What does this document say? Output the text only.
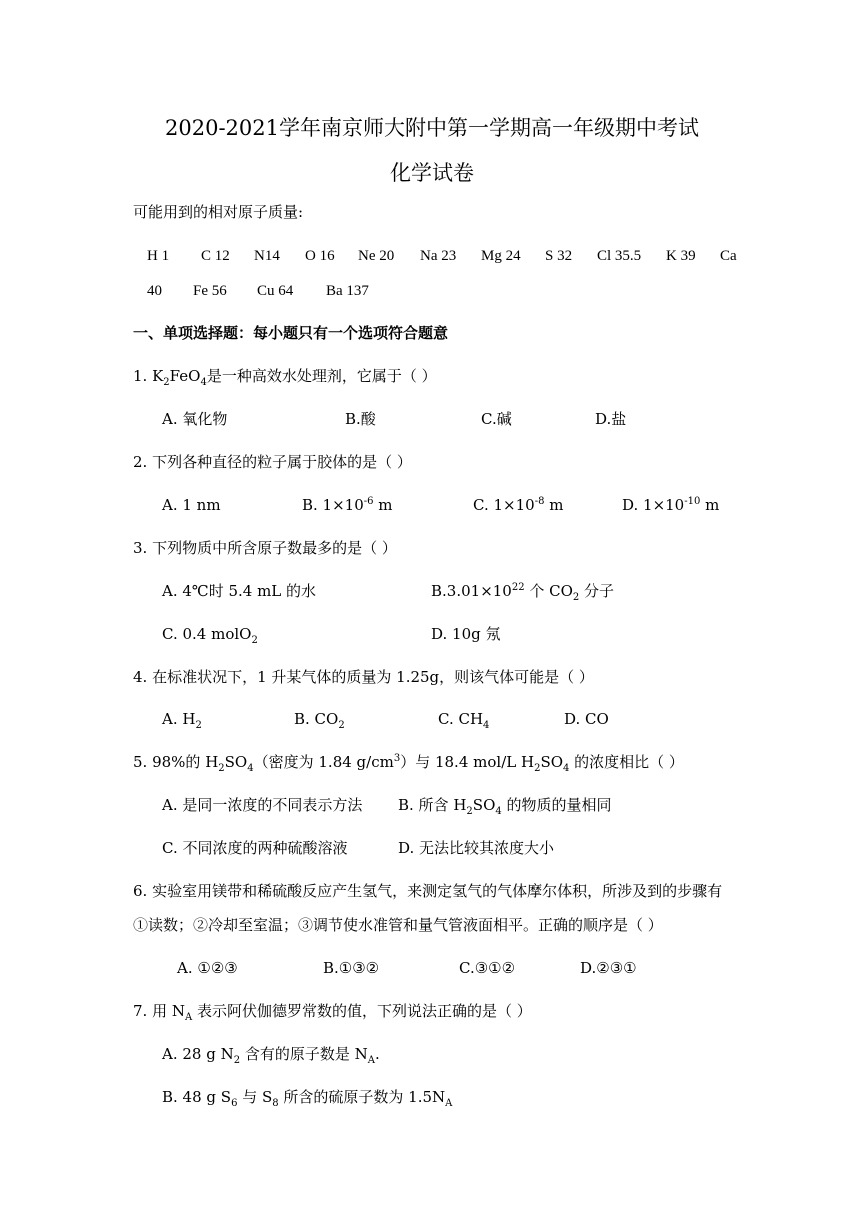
2020-2021学年南京师大附中第一学期高一年级期中考试
化学试卷
可能用到的相对原子质量:
H 1 C 12 N14 O 16 Ne 20 Na 23 Mg 24 S 32 Cl 35.5 K 39 Ca
40 Fe 56 Cu 64 Ba 137
一、单项选择题：每小题只有一个选项符合题意
1. $K_2FeO_4$是一种高效水处理剂，它属于（ ）
A. 氧化物	B.酸	C.碱	D.盐
2. 下列各种直径的粒子属于胶体的是（ ）
A. 1 nm	B. $1\times 10^{-6}$ m	C. $1\times 10^{-8}$ m	D. $1\times 10^{-10}$ m
3. 下列物质中所含原子数最多的是（ ）
A. 4℃时 5.4 mL 的水	$B.3.01\times 10^{22}$ 个 $CO_2$ 分子
C. 0.4 molO$_2$	D. 10g 氖
4. 在标准状况下，1 升某气体的质量为 1.25g，则该气体可能是（ ）
A. $H_2$	B. $CO_2$	C. $CH_4$	D. CO
5. 98%的 $H_2SO_4$（密度为 1.84 $g/cm^3$）与 18.4 mol/L $H_2SO_4$ 的浓度相比（ ）
A. 是同一浓度的不同表示方法 B. 所含 $H_2SO_4$ 的物质的量相同
C. 不同浓度的两种硫酸溶液	D. 无法比较其浓度大小
6. 实验室用镁带和稀硫酸反应产生氢气，来测定氢气的气体摩尔体积，所涉及到的步骤有
①读数；②冷却至室温；③调节使水准管和量气管液面相平。正确的顺序是（ ）
A. ①②③	B.①③②	C.③①②	D.②③①
7. 用 $N_A$ 表示阿伏伽德罗常数的值，下列说法正确的是（ ）
A. 28 g $N_2$ 含有的原子数是 $N_A$.
B. 48 g $S_6$ 与 $S_8$ 所含的硫原子数为 $1.5N_A$
